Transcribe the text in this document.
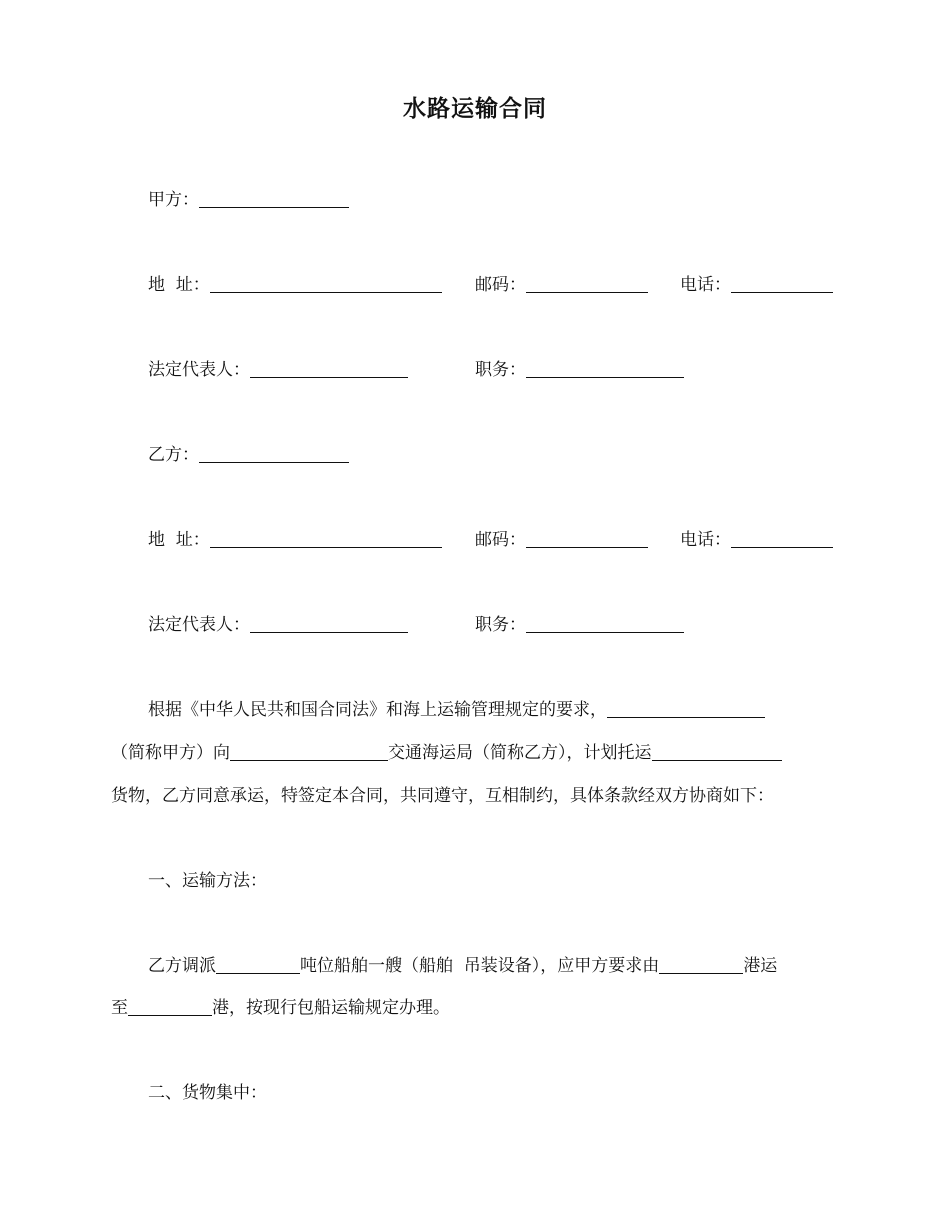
水路运输合同
甲方：
地  址：	邮码：	电话：
法定代表人：	职务：
乙方：
地  址：	邮码：	电话：
法定代表人：	职务：
根据《中华人民共和国合同法》和海上运输管理规定的要求，
（简称甲方）向	交通海运局（简称乙方），计划托运
货物，乙方同意承运，特签定本合同，共同遵守，互相制约，具体条款经双方协商如下：
一、运输方法：
乙方调派	吨位船舶一艘（船舶  吊装设备），应甲方要求由	港运
至	港，按现行包船运输规定办理。
二、货物集中：
